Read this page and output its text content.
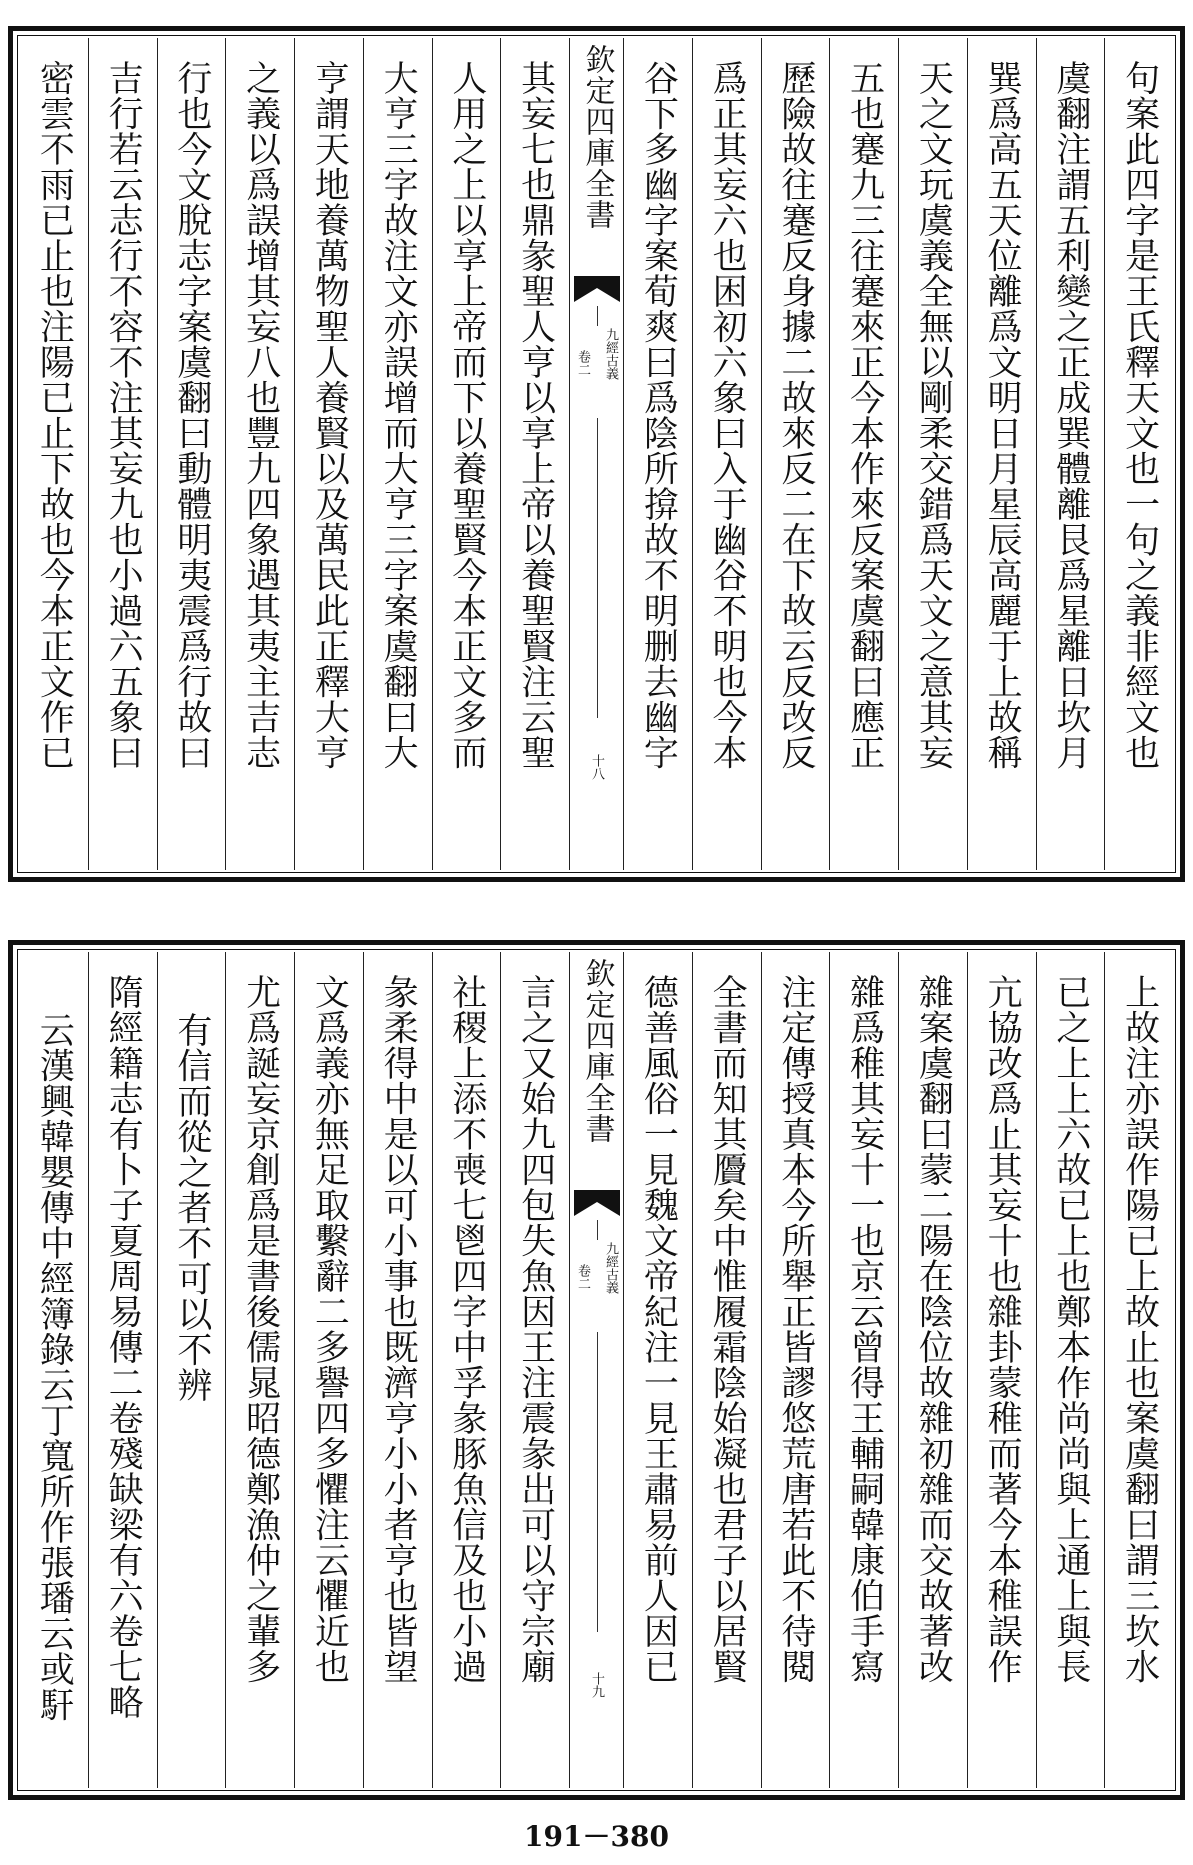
句案此四字是王氏釋天文也一句之義非經文也
虞翻注謂五利變之正成巽體離艮爲星離日坎月
巽爲高五天位離爲文明日月星辰高麗于上故稱
天之文玩虞義全無以剛柔交錯爲天文之意其妄
五也蹇九三往蹇來正今本作來反案虞翻曰應正
歷險故往蹇反身據二故來反二在下故云反改反
爲正其妄六也困初六象曰入于幽谷不明也今本
谷下多幽字案荀爽曰爲陰所揜故不明删去幽字
欽定四庫全書
九經古義
卷二
十八
其妄七也鼎彖聖人亨以享上帝以養聖賢注云聖
人用之上以享上帝而下以養聖賢今本正文多而
大亨三字故注文亦誤增而大亨三字案虞翻曰大
亨謂天地養萬物聖人養賢以及萬民此正釋大亨
之義以爲誤增其妄八也豐九四象遇其夷主吉志
行也今文脫志字案虞翻曰動體明夷震爲行故曰
吉行若云志行不容不注其妄九也小過六五象曰
密雲不雨已止也注陽已止下故也今本正文作已
上故注亦誤作陽已上故止也案虞翻曰謂三坎水
已之上上六故已上也鄭本作尚尚與上通上與長
亢協改爲止其妄十也雜卦蒙稚而著今本稚誤作
雜案虞翻曰蒙二陽在陰位故雜初雜而交故著改
雜爲稚其妄十一也京云曾得王輔嗣韓康伯手寫
注定傳授真本今所舉正皆謬悠荒唐若此不待閱
全書而知其贗矣中惟履霜陰始凝也君子以居賢
德善風俗一見魏文帝紀注一見王肅易前人因已
欽定四庫全書
九經古義
卷二
十九
言之又始九四包失魚因王注震彖出可以守宗廟
社稷上添不喪七鬯四字中孚彖豚魚信及也小過
彖柔得中是以可小事也既濟亨小小者亨也皆望
文爲義亦無足取繫辭二多譽四多懼注云懼近也
尤爲誕妄京創爲是書後儒晁昭德鄭漁仲之輩多
有信而從之者不可以不辨
隋經籍志有卜子夏周易傳二卷殘缺梁有六卷七略
云漢興韓嬰傳中經簿錄云丁寬所作張璠云或馯
191－380
